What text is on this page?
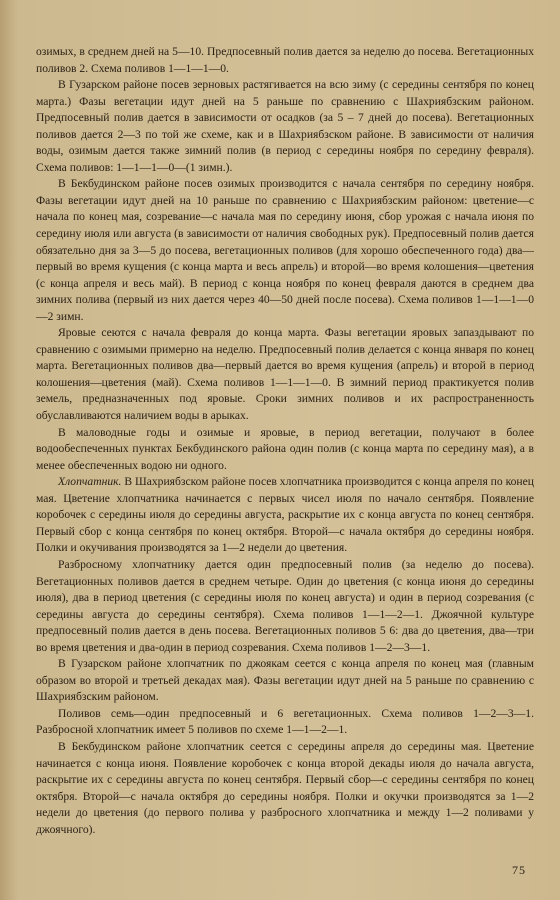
озимых, в среднем дней на 5—10. Предпосевный полив дается за неделю до посева. Вегетационных поливов 2. Схема поливов 1—1—1—0.

В Гузарском районе посев зерновых растягивается на всю зиму (с середины сентября по конец марта.) Фазы вегетации идут дней на 5 раньше по сравнению с Шахриябзским районом. Предпосевный полив дается в зависимости от осадков (за 5 – 7 дней до посева). Вегетационных поливов дается 2—3 по той же схеме, как и в Шахриябзском районе. В зависимости от наличия воды, озимым дается также зимний полив (в период с середины ноября по середину февраля). Схема поливов: 1—1—1—0—(1 зимн.).

В Бекбудинском районе посев озимых производится с начала сентября по середину ноября. Фазы вегетации идут дней на 10 раньше по сравнению с Шахриябзским районом: цветение—с начала по конец мая, созревание—с начала мая по середину июня, сбор урожая с начала июня по середину июля или августа (в зависимости от наличия свободных рук). Предпосевный полив дается обязательно дня за 3—5 до посева, вегетационных поливов (для хорошо обеспеченного года) два—первый во время кущения (с конца марта и весь апрель) и второй—во время колошения—цветения (с конца апреля и весь май). В период с конца ноября по конец февраля даются в среднем два зимних полива (первый из них дается через 40—50 дней после посева). Схема поливов 1—1—1—0—2 зимн.

Яровые сеются с начала февраля до конца марта. Фазы вегетации яровых запаздывают по сравнению с озимыми примерно на неделю. Предпосевный полив делается с конца января по конец марта. Вегетационных поливов два—первый дается во время кущения (апрель) и второй в период колошения—цветения (май). Схема поливов 1—1—1—0. В зимний период практикуется полив земель, предназначенных под яровые. Сроки зимних поливов и их распространенность обуславливаются наличием воды в арыках.

В маловодные годы и озимые и яровые, в период вегетации, получают в более водообеспеченных пунктах Бекбудинского района один полив (с конца марта по середину мая), а в менее обеспеченных водою ни одного.

Хлопчатник. В Шахриябзском районе посев хлопчатника производится с конца апреля по конец мая. Цветение хлопчатника начинается с первых чисел июля по начало сентября. Появление коробочек с середины июля до середины августа, раскрытие их с конца августа по конец сентября. Первый сбор с конца сентября по конец октября. Второй—с начала октября до середины ноября. Полки и окучивания производятся за 1—2 недели до цветения.

Разбросному хлопчатнику дается один предпосевный полив (за неделю до посева). Вегетационных поливов дается в среднем четыре. Один до цветения (с конца июня до середины июля), два в период цветения (с середины июля по конец августа) и один в период созревания (с середины августа до середины сентября). Схема поливов 1—1—2—1. Джоячной культуре предпосевный полив дается в день посева. Вегетационных поливов 5 6: два до цветения, два—три во время цветения и два-один в период созревания. Схема поливов 1—2—3—1.

В Гузарском районе хлопчатник по джоякам сеется с конца апреля по конец мая (главным образом во второй и третьей декадах мая). Фазы вегетации идут дней на 5 раньше по сравнению с Шахриябзским районом.

Поливов семь—один предпосевный и 6 вегетационных. Схема поливов 1—2—3—1. Разбросной хлопчатник имеет 5 поливов по схеме 1—1—2—1.

В Бекбудинском районе хлопчатник сеется с середины апреля до середины мая. Цветение начинается с конца июня. Появление коробочек с конца второй декады июля до начала августа, раскрытие их с середины августа по конец сентября. Первый сбор—с середины сентября по конец октября. Второй—с начала октября до середины ноября. Полки и окучки производятся за 1—2 недели до цветения (до первого полива у разбросного хлопчатника и между 1—2 поливами у джоячного).

75
